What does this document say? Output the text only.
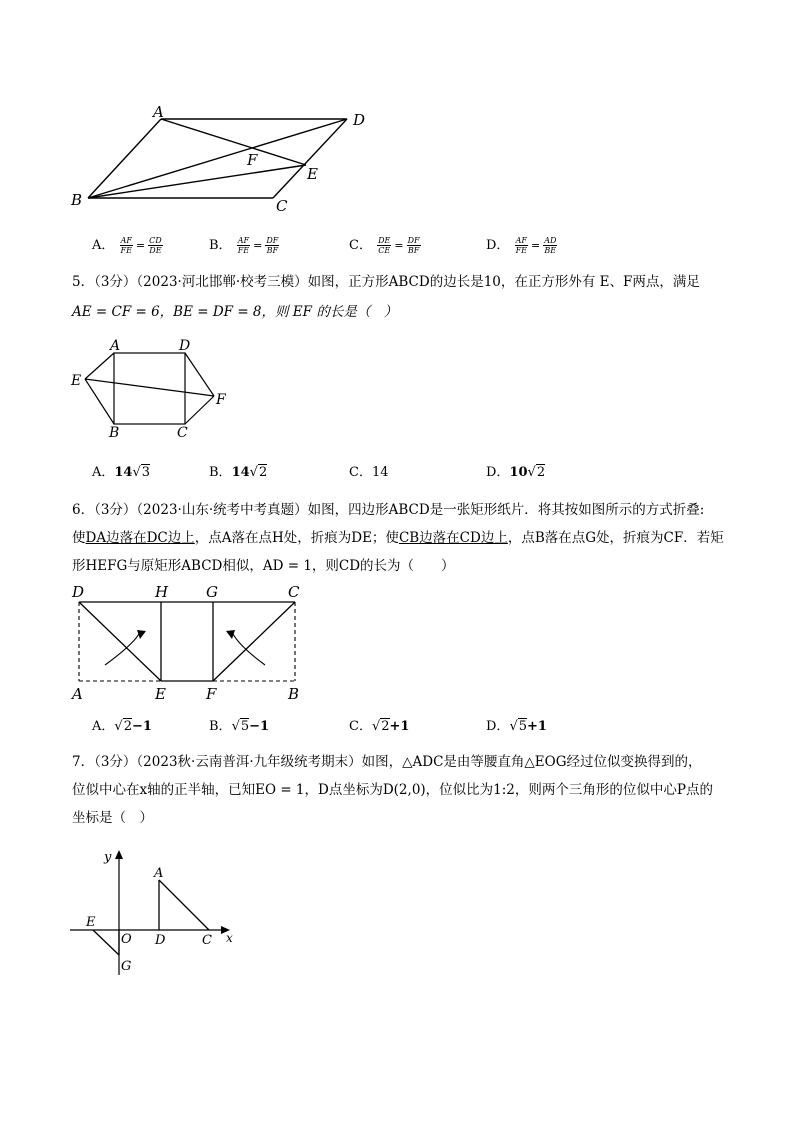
A	D
F
E
B	C
A． $\frac{AF}{FE} = \frac{CD}{DE}$	B． $\frac{AF}{FE} = \frac{DF}{BF}$	C． $\frac{DE}{CE} = \frac{DF}{BF}$	D． $\frac{AF}{FE} = \frac{AD}{BE}$
5．（3分）（2023·河北邯郸·校考三模）如图，正方形ABCD的边长是10，在正方形外有 E、F两点，满足
AE = CF = 6，BE = DF = 8，则 EF 的长是（　）
A	D
E
F
B	C
A．14√3	B．14√2	C．14	D．10√2
6．（3分）（2023·山东·统考中考真题）如图，四边形ABCD是一张矩形纸片．将其按如图所示的方式折叠:
使DA边落在DC边上，点A落在点H处，折痕为DE；使CB边落在CD边上，点B落在点G处，折痕为CF．若矩
形HEFG与原矩形ABCD相似，AD = 1，则CD的长为（　　）
D	H	G	C
A	E	F	B
A．√2−1	B．√5−1	C．√2+1	D．√5+1
7．（3分）（2023秋·云南普洱·九年级统考期末）如图，△ADC是由等腰直角△EOG经过位似变换得到的，
位似中心在x轴的正半轴，已知EO = 1，D点坐标为D(2,0)，位似比为1:2，则两个三角形的位似中心P点的
坐标是（　）
y
A
E
O D	C x
G
